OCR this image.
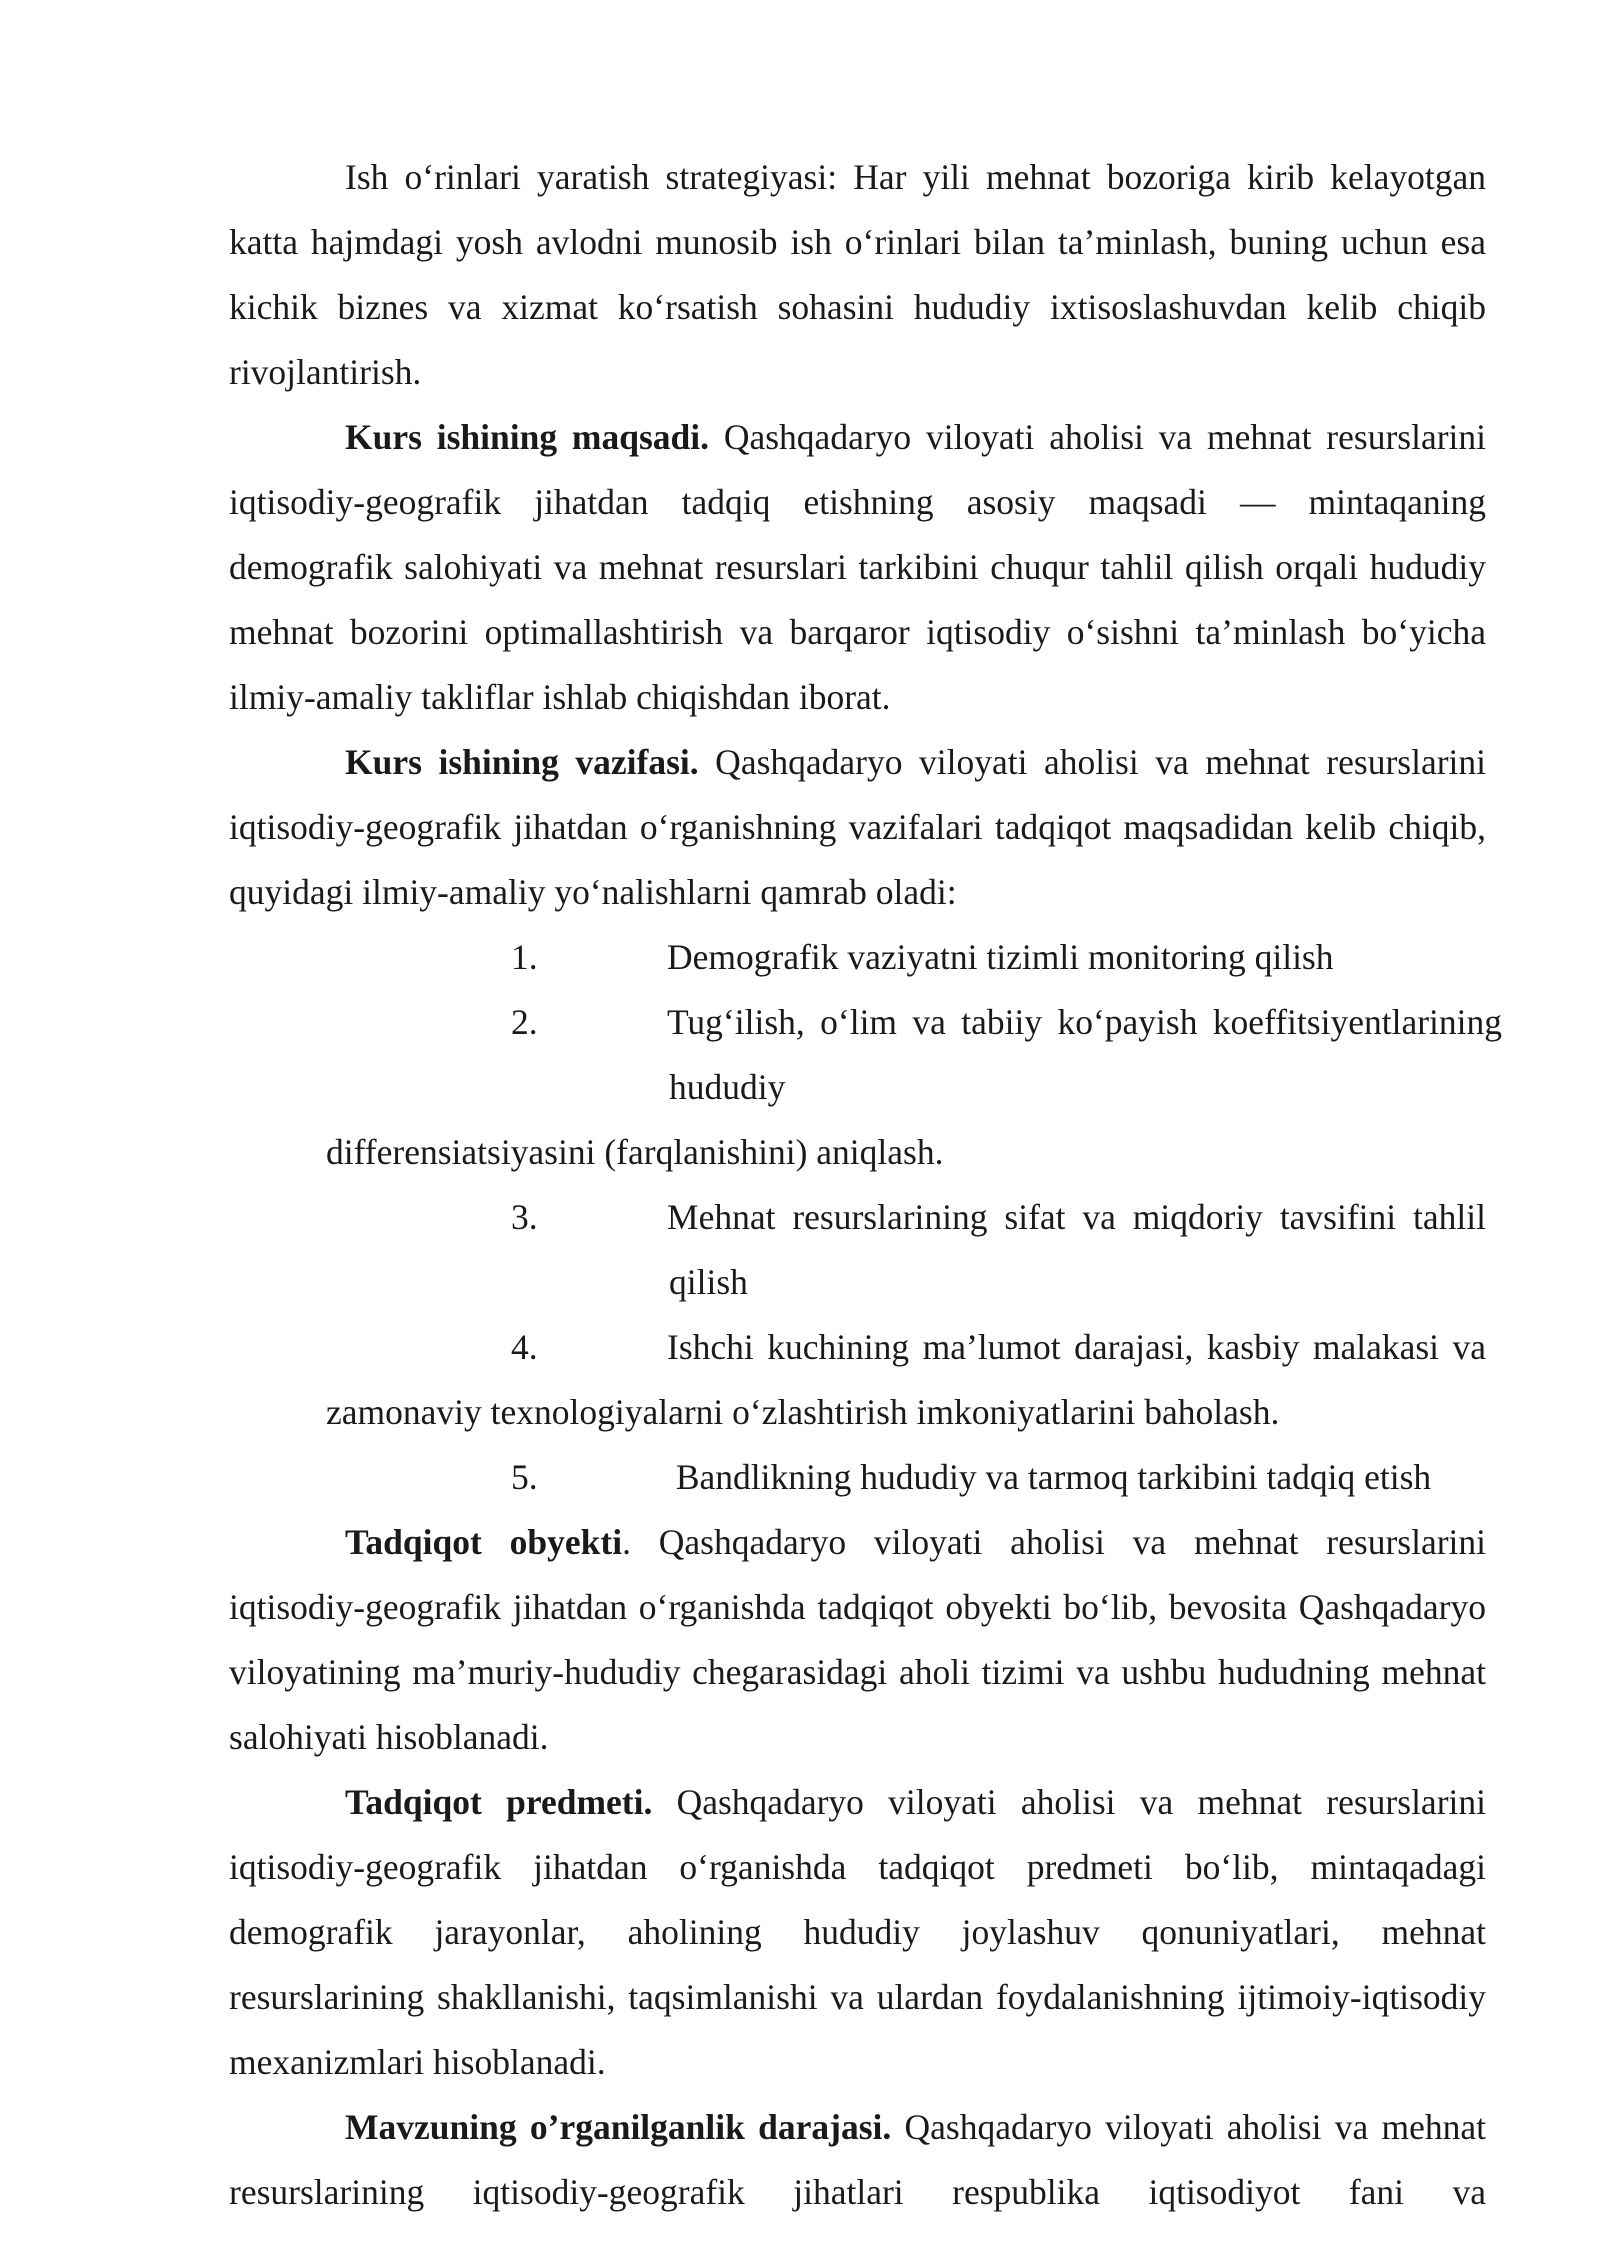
Ish o‘rinlari yaratish strategiyasi: Har yili mehnat bozoriga kirib kelayotgan katta hajmdagi yosh avlodni munosib ish o‘rinlari bilan ta’minlash, buning uchun esa kichik biznes va xizmat ko‘rsatish sohasini hududiy ixtisoslashuvdan kelib chiqib rivojlantirish.

Kurs ishining maqsadi. Qashqadaryo viloyati aholisi va mehnat resurslarini iqtisodiy-geografik jihatdan tadqiq etishning asosiy maqsadi — mintaqaning demografik salohiyati va mehnat resurslari tarkibini chuqur tahlil qilish orqali hududiy mehnat bozorini optimallashtirish va barqaror iqtisodiy o‘sishni ta’minlash bo‘yicha ilmiy-amaliy takliflar ishlab chiqishdan iborat.

Kurs ishining vazifasi. Qashqadaryo viloyati aholisi va mehnat resurslarini iqtisodiy-geografik jihatdan o‘rganishning vazifalari tadqiqot maqsadidan kelib chiqib, quyidagi ilmiy-amaliy yo‘nalishlarni qamrab oladi:

1.	Demografik vaziyatni tizimli monitoring qilish
2.	Tug‘ilish, o‘lim va tabiiy ko‘payish koeffitsiyentlarining hududiy
differensiatsiyasini (farqlanishini) aniqlash.
3.	Mehnat resurslarining sifat va miqdoriy tavsifini tahlil qilish
4.	Ishchi kuchining ma’lumot darajasi, kasbiy malakasi va
zamonaviy texnologiyalarni o‘zlashtirish imkoniyatlarini baholash.
5.	Bandlikning hududiy va tarmoq tarkibini tadqiq etish

Tadqiqot obyekti. Qashqadaryo viloyati aholisi va mehnat resurslarini iqtisodiy-geografik jihatdan o‘rganishda tadqiqot obyekti bo‘lib, bevosita Qashqadaryo viloyatining ma’muriy-hududiy chegarasidagi aholi tizimi va ushbu hududning mehnat salohiyati hisoblanadi.

Tadqiqot predmeti. Qashqadaryo viloyati aholisi va mehnat resurslarini iqtisodiy-geografik jihatdan o‘rganishda tadqiqot predmeti bo‘lib, mintaqadagi demografik jarayonlar, aholining hududiy joylashuv qonuniyatlari, mehnat resurslarining shakllanishi, taqsimlanishi va ulardan foydalanishning ijtimoiy-iqtisodiy mexanizmlari hisoblanadi.

Mavzuning o’rganilganlik darajasi. Qashqadaryo viloyati aholisi va mehnat resurslarining iqtisodiy-geografik jihatlari respublika iqtisodiyot fani va
